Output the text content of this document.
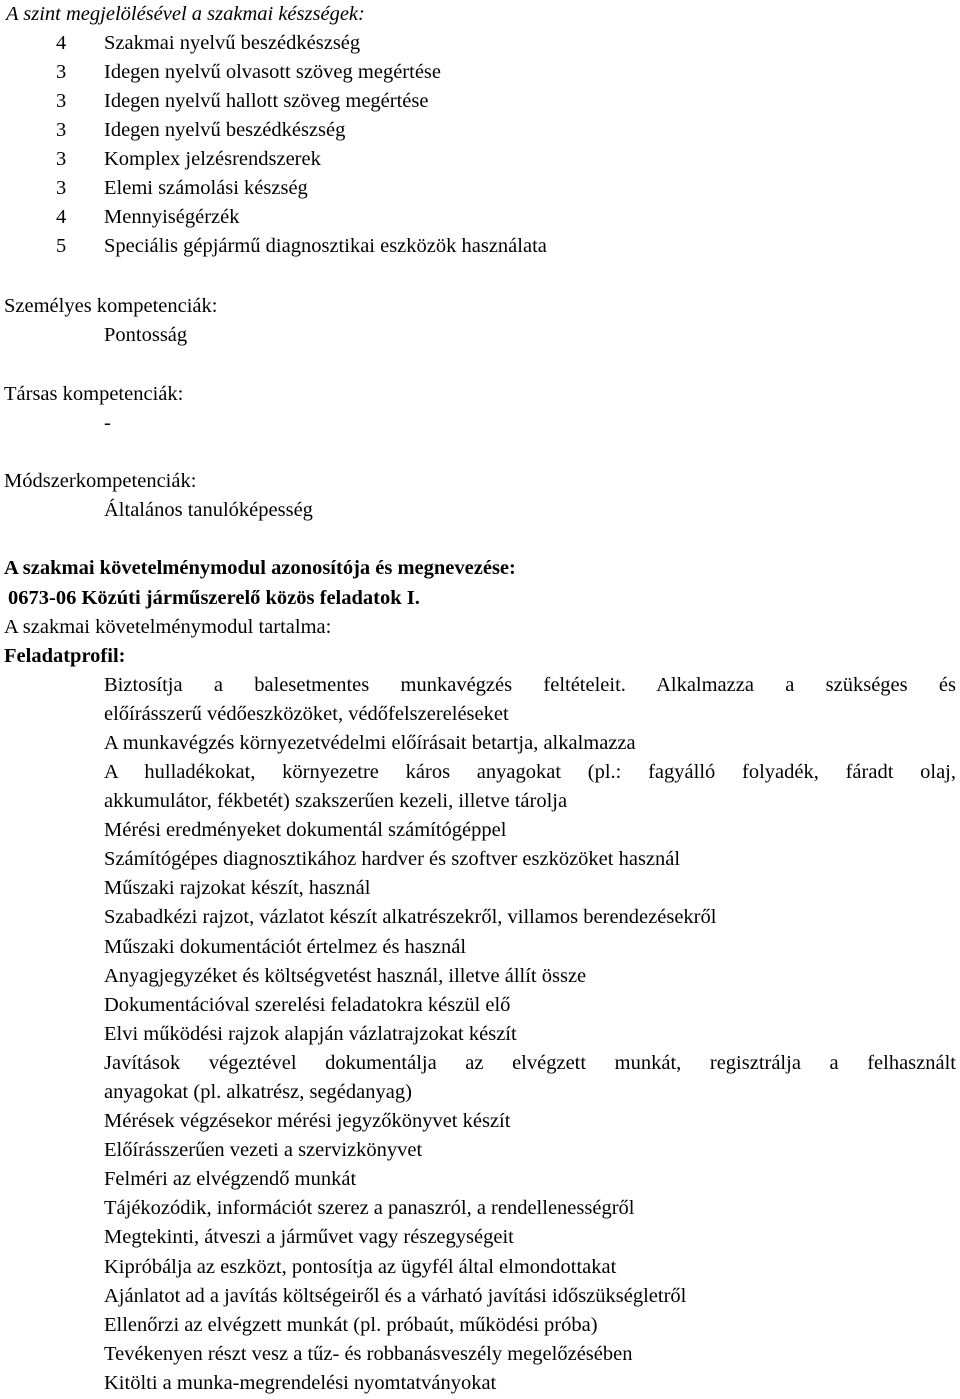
A szint megjelölésével a szakmai készségek:
4	Szakmai nyelvű beszédkészség
3	Idegen nyelvű olvasott szöveg megértése
3	Idegen nyelvű hallott szöveg megértése
3	Idegen nyelvű beszédkészség
3	Komplex jelzésrendszerek
3	Elemi számolási készség
4	Mennyiségérzék
5	Speciális gépjármű diagnosztikai eszközök használata
Személyes kompetenciák:
Pontosság
Társas kompetenciák:
-
Módszerkompetenciák:
Általános tanulóképesség
A szakmai követelménymodul azonosítója és megnevezése:
0673-06 Közúti járműszerelő közös feladatok I.
A szakmai követelménymodul tartalma:
Feladatprofil:
Biztosítja a balesetmentes munkavégzés feltételeit. Alkalmazza a szükséges és
előírásszerű védőeszközöket, védőfelszereléseket
A munkavégzés környezetvédelmi előírásait betartja, alkalmazza
A hulladékokat, környezetre káros anyagokat (pl.: fagyálló folyadék, fáradt olaj,
akkumulátor, fékbetét) szakszerűen kezeli, illetve tárolja
Mérési eredményeket dokumentál számítógéppel
Számítógépes diagnosztikához hardver és szoftver eszközöket használ
Műszaki rajzokat készít, használ
Szabadkézi rajzot, vázlatot készít alkatrészekről, villamos berendezésekről
Műszaki dokumentációt értelmez és használ
Anyagjegyzéket és költségvetést használ, illetve állít össze
Dokumentációval szerelési feladatokra készül elő
Elvi működési rajzok alapján vázlatrajzokat készít
Javítások végeztével dokumentálja az elvégzett munkát, regisztrálja a felhasznált
anyagokat (pl. alkatrész, segédanyag)
Mérések végzésekor mérési jegyzőkönyvet készít
Előírásszerűen vezeti a szervizkönyvet
Felméri az elvégzendő munkát
Tájékozódik, információt szerez a panaszról, a rendellenességről
Megtekinti, átveszi a járművet vagy részegységeit
Kipróbálja az eszközt, pontosítja az ügyfél által elmondottakat
Ajánlatot ad a javítás költségeiről és a várható javítási időszükségletről
Ellenőrzi az elvégzett munkát (pl. próbaút, működési próba)
Tevékenyen részt vesz a tűz- és robbanásveszély megelőzésében
Kitölti a munka-megrendelési nyomtatványokat
